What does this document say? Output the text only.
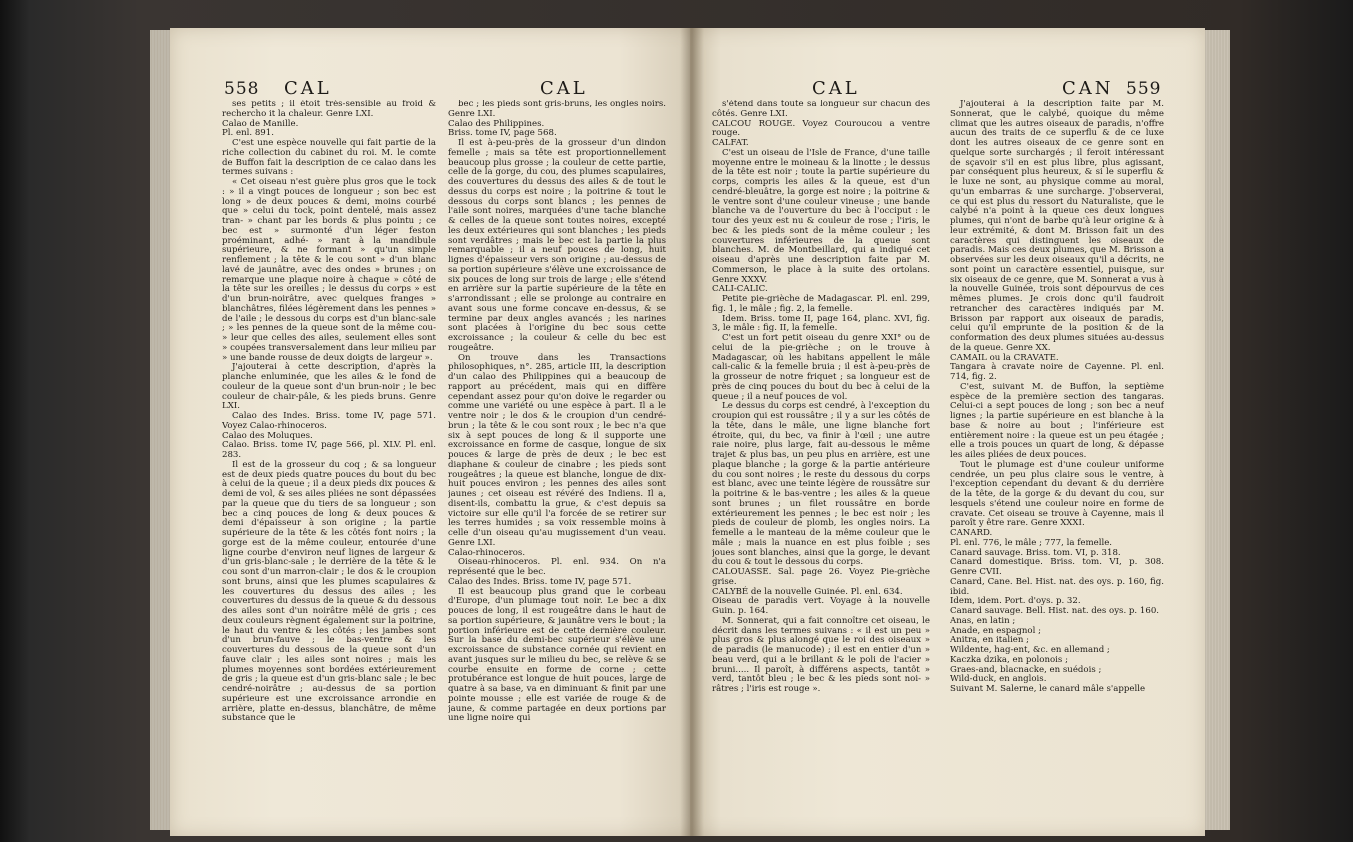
558 CAL	CAL	CAL	CAN 559

ses petits ; il étoit très-sensible au froid & rechercho it la chaleur. Genre LXI.

Calao de Manille.

Pl. enl. 891.

C'est une espèce nouvelle qui fait partie de la riche collection du cabinet du roi. M. le comte de Buffon fait la description de ce calao dans les termes suivans :

« Cet oiseau n'est guère plus gros que le tock : » il a vingt pouces de longueur ; son bec est long » de deux pouces & demi, moins courbé que » celui du tock, point dentelé, mais assez tran- » chant par les bords & plus pointu ; ce bec est » surmonté d'un léger feston proéminant, adhé- » rant à la mandibule supérieure, & ne formant » qu'un simple renflement ; la tête & le cou sont » d'un blanc lavé de jaunâtre, avec des ondes » brunes ; on remarque une plaque noire à chaque » côté de la tête sur les oreilles ; le dessus du corps » est d'un brun-noirâtre, avec quelques franges » blanchâtres, filées légèrement dans les pennes » de l'aile ; le dessous du corps est d'un blanc-sale ; » les pennes de la queue sont de la même cou- » leur que celles des ailes, seulement elles sont » coupées transversalement dans leur milieu par » une bande rousse de deux doigts de largeur ».

J'ajouterai à cette description, d'après la planche enluminée, que les ailes & le fond de couleur de la queue sont d'un brun-noir ; le bec couleur de chair-pâle, & les pieds bruns. Genre LXI.

Calao des Indes. Briss. tome IV, page 571. Voyez Calao-rhinoceros.

Calao des Moluques.

Calao. Briss. tome IV, page 566, pl. XLV. Pl. enl. 283.

Il est de la grosseur du coq ; & sa longueur est de deux pieds quatre pouces du bout du bec à celui de la queue ; il a deux pieds dix pouces & demi de vol, & ses ailes pliées ne sont dépassées par la queue que du tiers de sa longueur ; son bec a cinq pouces de long & deux pouces & demi d'épaisseur à son origine ; la partie supérieure de la tête & les côtés font noirs ; la gorge est de la même couleur, entourée d'une ligne courbe d'environ neuf lignes de largeur & d'un gris-blanc-sale ; le derrière de la tête & le cou sont d'un marron-clair ; le dos & le croupion sont bruns, ainsi que les plumes scapulaires & les couvertures du dessus des ailes ; les couvertures du dessus de la queue & du dessous des ailes sont d'un noirâtre mêlé de gris ; ces deux couleurs règnent également sur la poitrine, le haut du ventre & les côtés ; les jambes sont d'un brun-fauve ; le bas-ventre & les couvertures du dessous de la queue sont d'un fauve clair ; les ailes sont noires ; mais les plumes moyennes sont bordées extérieurement de gris ; la queue est d'un gris-blanc sale ; le bec cendré-noirâtre ; au-dessus de sa portion supérieure est une excroissance arrondie en arrière, platte en-dessus, blanchâtre, de même substance que le

bec ; les pieds sont gris-bruns, les ongles noirs. Genre LXI.

Calao des Philippines.

Briss. tome IV, page 568.

Il est à-peu-près de la grosseur d'un dindon femelle ; mais sa tête est proportionnellement beaucoup plus grosse ; la couleur de cette partie, celle de la gorge, du cou, des plumes scapulaires, des couvertures du dessus des ailes & de tout le dessus du corps est noire ; la poitrine & tout le dessous du corps sont blancs ; les pennes de l'aile sont noires, marquées d'une tache blanche & celles de la queue sont toutes noires, excepté les deux extérieures qui sont blanches ; les pieds sont verdâtres ; mais le bec est la partie la plus remarquable ; il a neuf pouces de long, huit lignes d'épaisseur vers son origine ; au-dessus de sa portion supérieure s'élève une excroissance de six pouces de long sur trois de large ; elle s'étend en arrière sur la partie supérieure de la tête en s'arrondissant ; elle se prolonge au contraire en avant sous une forme concave en-dessus, & se termine par deux angles avancés ; les narines sont placées à l'origine du bec sous cette excroissance ; la couleur & celle du bec est rougeâtre.

On trouve dans les Transactions philosophiques, n°. 285, article III, la description d'un calao des Philippines qui a beaucoup de rapport au précédent, mais qui en diffère cependant assez pour qu'on doive le regarder ou comme une variété ou une espèce à part. Il a le ventre noir ; le dos & le croupion d'un cendré-brun ; la tête & le cou sont roux ; le bec n'a que six à sept pouces de long & il supporte une excroissance en forme de casque, longue de six pouces & large de près de deux ; le bec est diaphane & couleur de cinabre ; les pieds sont rougeâtres ; la queue est blanche, longue de dix-huit pouces environ ; les pennes des ailes sont jaunes ; cet oiseau est révéré des Indiens. Il a, disent-ils, combattu la grue, & c'est depuis sa victoire sur elle qu'il l'a forcée de se retirer sur les terres humides ; sa voix ressemble moins à celle d'un oiseau qu'au mugissement d'un veau. Genre LXI.

Calao-rhinoceros.

Oiseau-rhinoceros. Pl. enl. 934. On n'a représenté que le bec.

Calao des Indes. Briss. tome IV, page 571.

Il est beaucoup plus grand que le corbeau d'Europe, d'un plumage tout noir. Le bec a dix pouces de long, il est rougeâtre dans le haut de sa portion supérieure, & jaunâtre vers le bout ; la portion inférieure est de cette dernière couleur. Sur la base du demi-bec supérieur s'élève une excroissance de substance cornée qui revient en avant jusques sur le milieu du bec, se relève & se courbe ensuite en forme de corne ; cette protubérance est longue de huit pouces, large de quatre à sa base, va en diminuant & finit par une pointe mousse ; elle est variée de rouge & de jaune, & comme partagée en deux portions par une ligne noire qui

s'étend dans toute sa longueur sur chacun des côtés. Genre LXI.

CALCOU ROUGE. Voyez Couroucou a ventre rouge.

CALFAT.

C'est un oiseau de l'Isle de France, d'une taille moyenne entre le moineau & la linotte ; le dessus de la tête est noir ; toute la partie supérieure du corps, compris les ailes & la queue, est d'un cendré-bleuâtre, la gorge est noire ; la poitrine & le ventre sont d'une couleur vineuse ; une bande blanche va de l'ouverture du bec à l'occiput : le tour des yeux est nu & couleur de rose ; l'iris, le bec & les pieds sont de la même couleur ; les couvertures inférieures de la queue sont blanches. M. de Montbeillard, qui a indiqué cet oiseau d'après une description faite par M. Commerson, le place à la suite des ortolans. Genre XXXV.

CALI-CALIC.

Petite pie-grièche de Madagascar. Pl. enl. 299, fig. 1, le mâle ; fig. 2, la femelle.

Idem. Briss. tome II, page 164, planc. XVI, fig. 3, le mâle : fig. II, la femelle.

C'est un fort petit oiseau du genre XXI° ou de celui de la pie-grièche ; on le trouve à Madagascar, où les habitans appellent le mâle cali-calic & la femelle bruia ; il est à-peu-près de la grosseur de notre friquet ; sa longueur est de près de cinq pouces du bout du bec à celui de la queue ; il a neuf pouces de vol.

Le dessus du corps est cendré, à l'exception du croupion qui est roussâtre ; il y a sur les côtés de la tête, dans le mâle, une ligne blanche fort étroite, qui, du bec, va finir à l'œil ; une autre raie noire, plus large, fait au-dessous le même trajet & plus bas, un peu plus en arrière, est une plaque blanche ; la gorge & la partie antérieure du cou sont noires ; le reste du dessous du corps est blanc, avec une teinte légère de roussâtre sur la poitrine & le bas-ventre ; les ailes & la queue sont brunes ; un filet roussâtre en borde extérieurement les pennes ; le bec est noir ; les pieds de couleur de plomb, les ongles noirs. La femelle a le manteau de la même couleur que le mâle ; mais la nuance en est plus foible ; ses joues sont blanches, ainsi que la gorge, le devant du cou & tout le dessous du corps.

CALOUASSE. Sal. page 26. Voyez Pie-grièche grise.

CALYBÉ de la nouvelle Guinée. Pl. enl. 634.

Oiseau de paradis vert. Voyage à la nouvelle Guin. p. 164.

M. Sonnerat, qui a fait connoître cet oiseau, le décrit dans les termes suivans : « il est un peu » plus gros & plus alongé que le roi des oiseaux » de paradis (le manucode) ; il est en entier d'un » beau verd, qui a le brillant & le poli de l'acier » bruni..... Il paroît, à différens aspects, tantôt » verd, tantôt bleu ; le bec & les pieds sont noi- » râtres ; l'iris est rouge ».

J'ajouterai à la description faite par M. Sonnerat, que le calybé, quoique du même climat que les autres oiseaux de paradis, n'offre aucun des traits de ce superflu & de ce luxe dont les autres oiseaux de ce genre sont en quelque sorte surchargés ; il feroit intéressant de sçavoir s'il en est plus libre, plus agissant, par conséquent plus heureux, & si le superflu & le luxe ne sont, au physique comme au moral, qu'un embarras & une surcharge. J'observerai, ce qui est plus du ressort du Naturaliste, que le calybé n'a point à la queue ces deux longues plumes, qui n'ont de barbe qu'à leur origine & à leur extrémité, & dont M. Brisson fait un des caractères qui distinguent les oiseaux de paradis. Mais ces deux plumes, que M. Brisson a observées sur les deux oiseaux qu'il a décrits, ne sont point un caractère essentiel, puisque, sur six oiseaux de ce genre, que M. Sonnerat a vus à la nouvelle Guinée, trois sont dépourvus de ces mêmes plumes. Je crois donc qu'il faudroit retrancher des caractères indiqués par M. Brisson par rapport aux oiseaux de paradis, celui qu'il emprunte de la position & de la conformation des deux plumes situées au-dessus de la queue. Genre XX.

CAMAIL ou la CRAVATE.

Tangara à cravate noire de Cayenne. Pl. enl. 714, fig. 2.

C'est, suivant M. de Buffon, la septième espèce de la première section des tangaras. Celui-ci a sept pouces de long ; son bec a neuf lignes ; la partie supérieure en est blanche à la base & noire au bout ; l'inférieure est entièrement noire : la queue est un peu étagée ; elle a trois pouces un quart de long, & dépasse les ailes pliées de deux pouces.

Tout le plumage est d'une couleur uniforme cendrée, un peu plus claire sous le ventre, à l'exception cependant du devant & du derrière de la tête, de la gorge & du devant du cou, sur lesquels s'étend une couleur noire en forme de cravate. Cet oiseau se trouve à Cayenne, mais il paroît y être rare. Genre XXXI.

CANARD.

Pl. enl. 776, le mâle ; 777, la femelle.

Canard sauvage. Briss. tom. VI, p. 318.

Canard domestique. Briss. tom. VI, p. 308. Genre CVII.

Canard, Cane. Bel. Hist. nat. des oys. p. 160, fig. ibid.

Idem, idem. Port. d'oys. p. 32.

Canard sauvage. Bell. Hist. nat. des oys. p. 160.

Anas, en latin ;

Anade, en espagnol ;

Anitra, en italien ;

Wildente, hag-ent, &c. en allemand ;

Kaczka dzika, en polonois ;

Graes-and, blacnacke, en suédois ;

Wild-duck, en anglois.

Suivant M. Salerne, le canard mâle s'appelle
